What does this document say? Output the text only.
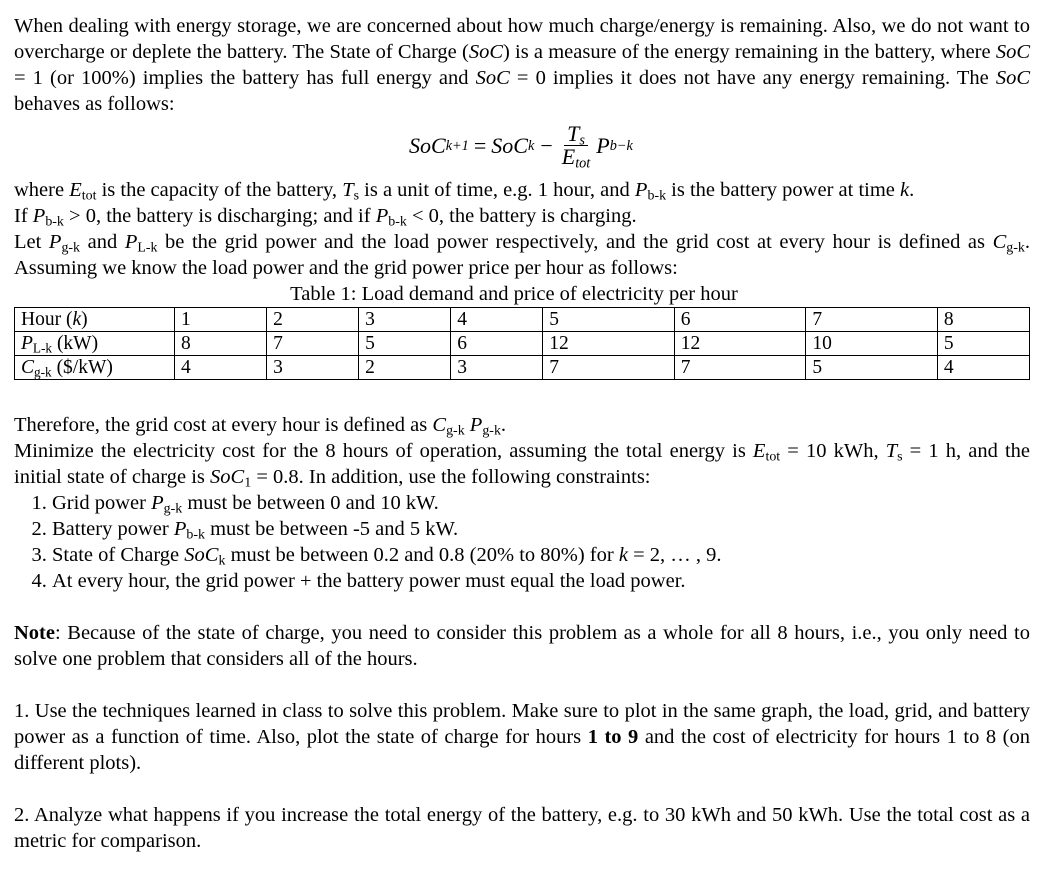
When dealing with energy storage, we are concerned about how much charge/energy is remaining. Also, we do not want to overcharge or deplete the battery. The State of Charge (SoC) is a measure of the energy remaining in the battery, where SoC = 1 (or 100%) implies the battery has full energy and SoC = 0 implies it does not have any energy remaining. The SoC behaves as follows:

SoC k+1 = SoC $k - \frac{T_s}{E_{tot}}$ P b−k

where $E_{tot}$ is the capacity of the battery, $T_s$ is a unit of time, e.g. 1 hour, and $P_{b-k}$ is the battery power at time k.
If $P_{b-k} > 0$, the battery is discharging; and if $P_{b-k} < 0$, the battery is charging.

Let $P_{g-k}$ and $P_{L-k}$ be the grid power and the load power respectively, and the grid cost at every hour is defined as $C_{g-k}$. Assuming we know the load power and the grid power price per hour as follows:

Table 1: Load demand and price of electricity per hour

Hour (k)	1	2	3	4	5	6	7	8
$P_{L-k}$ (kW)	8	7	5	6	12	12	10	5
$C_{g-k}$ ($/kW)	4	3	2	3	7	7	5	4

Therefore, the grid cost at every hour is defined as $C_{g-k}$ $P_{g-k}$.

Minimize the electricity cost for the 8 hours of operation, assuming the total energy is $E_{tot} = 10$ kWh, $T_s = 1$ h, and the initial state of charge is SoC$_1$ = 0.8. In addition, use the following constraints:

1. Grid power $P_{g-k}$ must be between 0 and 10 kW.
2. Battery power $P_{b-k}$ must be between -5 and 5 kW.
3. State of Charge SoC$_k$ must be between 0.2 and 0.8 (20% to 80%) for k = 2, … , 9.
4. At every hour, the grid power + the battery power must equal the load power.

Note: Because of the state of charge, you need to consider this problem as a whole for all 8 hours, i.e., you only need to solve one problem that considers all of the hours.

1. Use the techniques learned in class to solve this problem. Make sure to plot in the same graph, the load, grid, and battery power as a function of time. Also, plot the state of charge for hours 1 to 9 and the cost of electricity for hours 1 to 8 (on different plots).

2. Analyze what happens if you increase the total energy of the battery, e.g. to 30 kWh and 50 kWh. Use the total cost as a metric for comparison.
